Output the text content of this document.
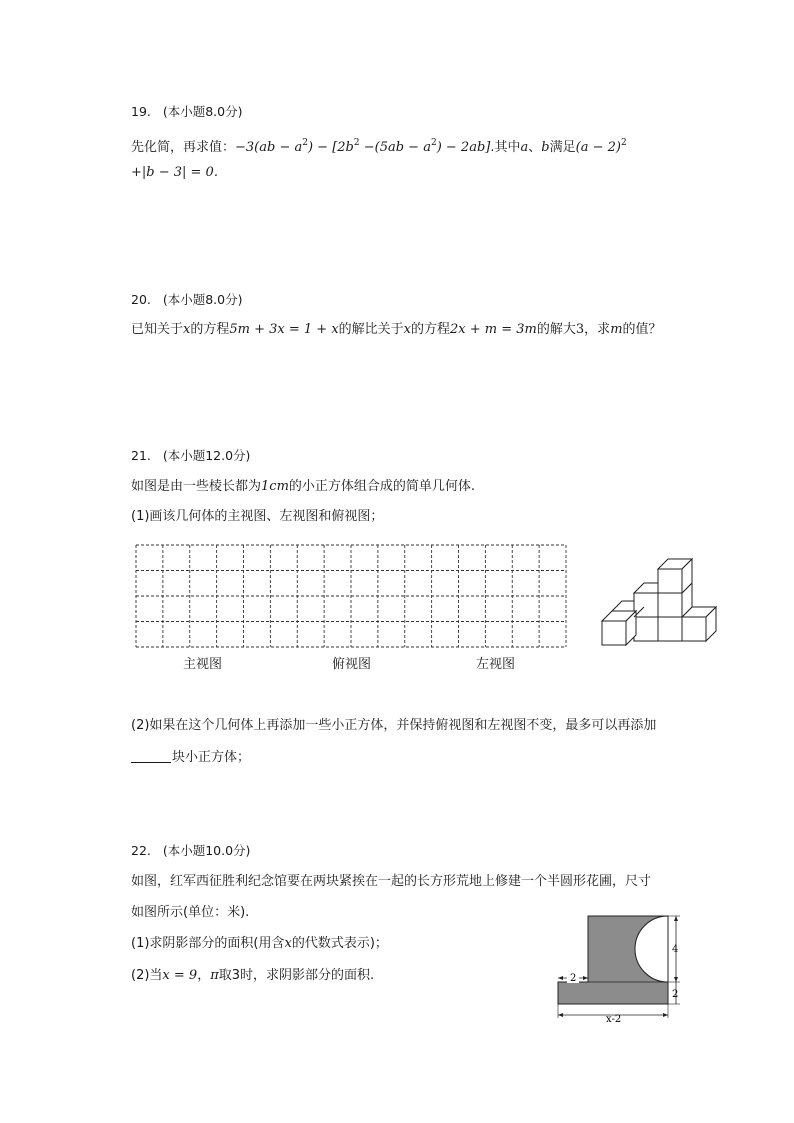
19. (本小题8.0分)
先化简，再求值：$-3(ab - a^2) - [2b^2 -(5ab - a^2) - 2ab]$.其中a、b满足$(a - 2)^2$
+|b − 3| = 0.
20. (本小题8.0分)
已知关于x的方程5m + 3x = 1 + x的解比关于x的方程2x + m = 3m的解大3，求m的值？
21. (本小题12.0分)
如图是由一些棱长都为1cm的小正方体组合成的简单几何体.
(1)画该几何体的主视图、左视图和俯视图；
主视图	俯视图	左视图
(2)如果在这个几何体上再添加一些小正方体，并保持俯视图和左视图不变，最多可以再添加
块小正方体；
22. (本小题10.0分)
如图，红军西征胜利纪念馆要在两块紧挨在一起的长方形荒地上修建一个半圆形花圃，尺寸
如图所示(单位：米).
(1)求阴影部分的面积(用含x的代数式表示)；
(2)当x = 9，π取3时，求阴影部分的面积.	2
4
2
x-2
